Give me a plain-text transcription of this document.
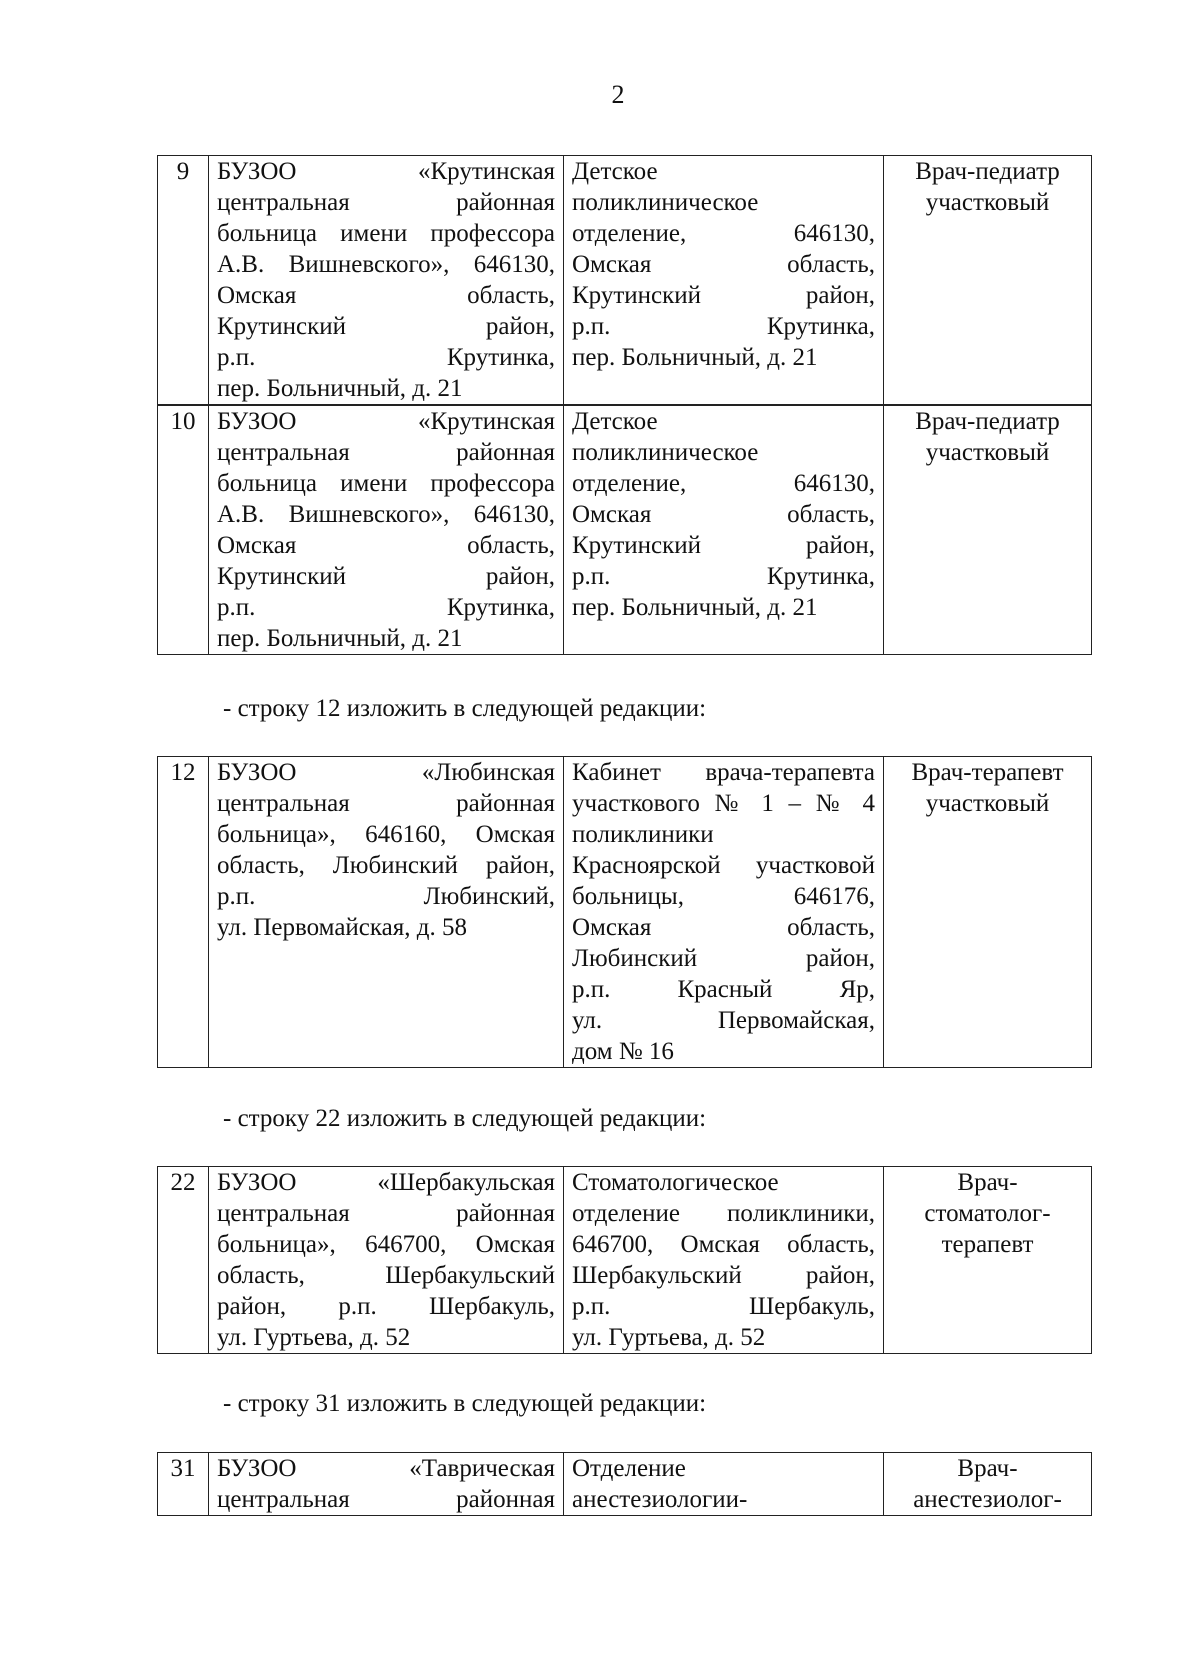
2
9	БУЗОО «Крутинская
центральная районная
больница имени профессора
А.В. Вишневского», 646130,
Омская область,
Крутинский район,
р.п. Крутинка,
пер. Больничный, д. 21

Детское
поликлиническое
отделение, 646130,
Омская область,
Крутинский район,
р.п. Крутинка,
пер. Больничный, д. 21

Врач-педиатр
участковый
10	БУЗОО «Крутинская
центральная районная
больница имени профессора
А.В. Вишневского», 646130,
Омская область,
Крутинский район,
р.п. Крутинка,
пер. Больничный, д. 21

Детское
поликлиническое
отделение, 646130,
Омская область,
Крутинский район,
р.п. Крутинка,
пер. Больничный, д. 21

Врач-педиатр
участковый
- строку 12 изложить в следующей редакции:
12	БУЗОО «Любинская
центральная районная
больница», 646160, Омская
область, Любинский район,
р.п. Любинский,
ул. Первомайская, д. 58

Кабинет врача-терапевта
участкового № 1 – № 4
поликлиники
Красноярской участковой
больницы, 646176,
Омская область,
Любинский район,
р.п. Красный Яр,
ул. Первомайская,
дом № 16

Врач-терапевт
участковый
- строку 22 изложить в следующей редакции:
22	БУЗОО «Шербакульская
центральная районная
больница», 646700, Омская
область, Шербакульский
район, р.п. Шербакуль,
ул. Гуртьева, д. 52

Стоматологическое
отделение поликлиники,
646700, Омская область,
Шербакульский район,
р.п. Шербакуль,
ул. Гуртьева, д. 52

Врач-
стоматолог-
терапевт
- строку 31 изложить в следующей редакции:
31	БУЗОО «Таврическая
центральная районная

Отделение
анестезиологии-

Врач-
анестезиолог-
